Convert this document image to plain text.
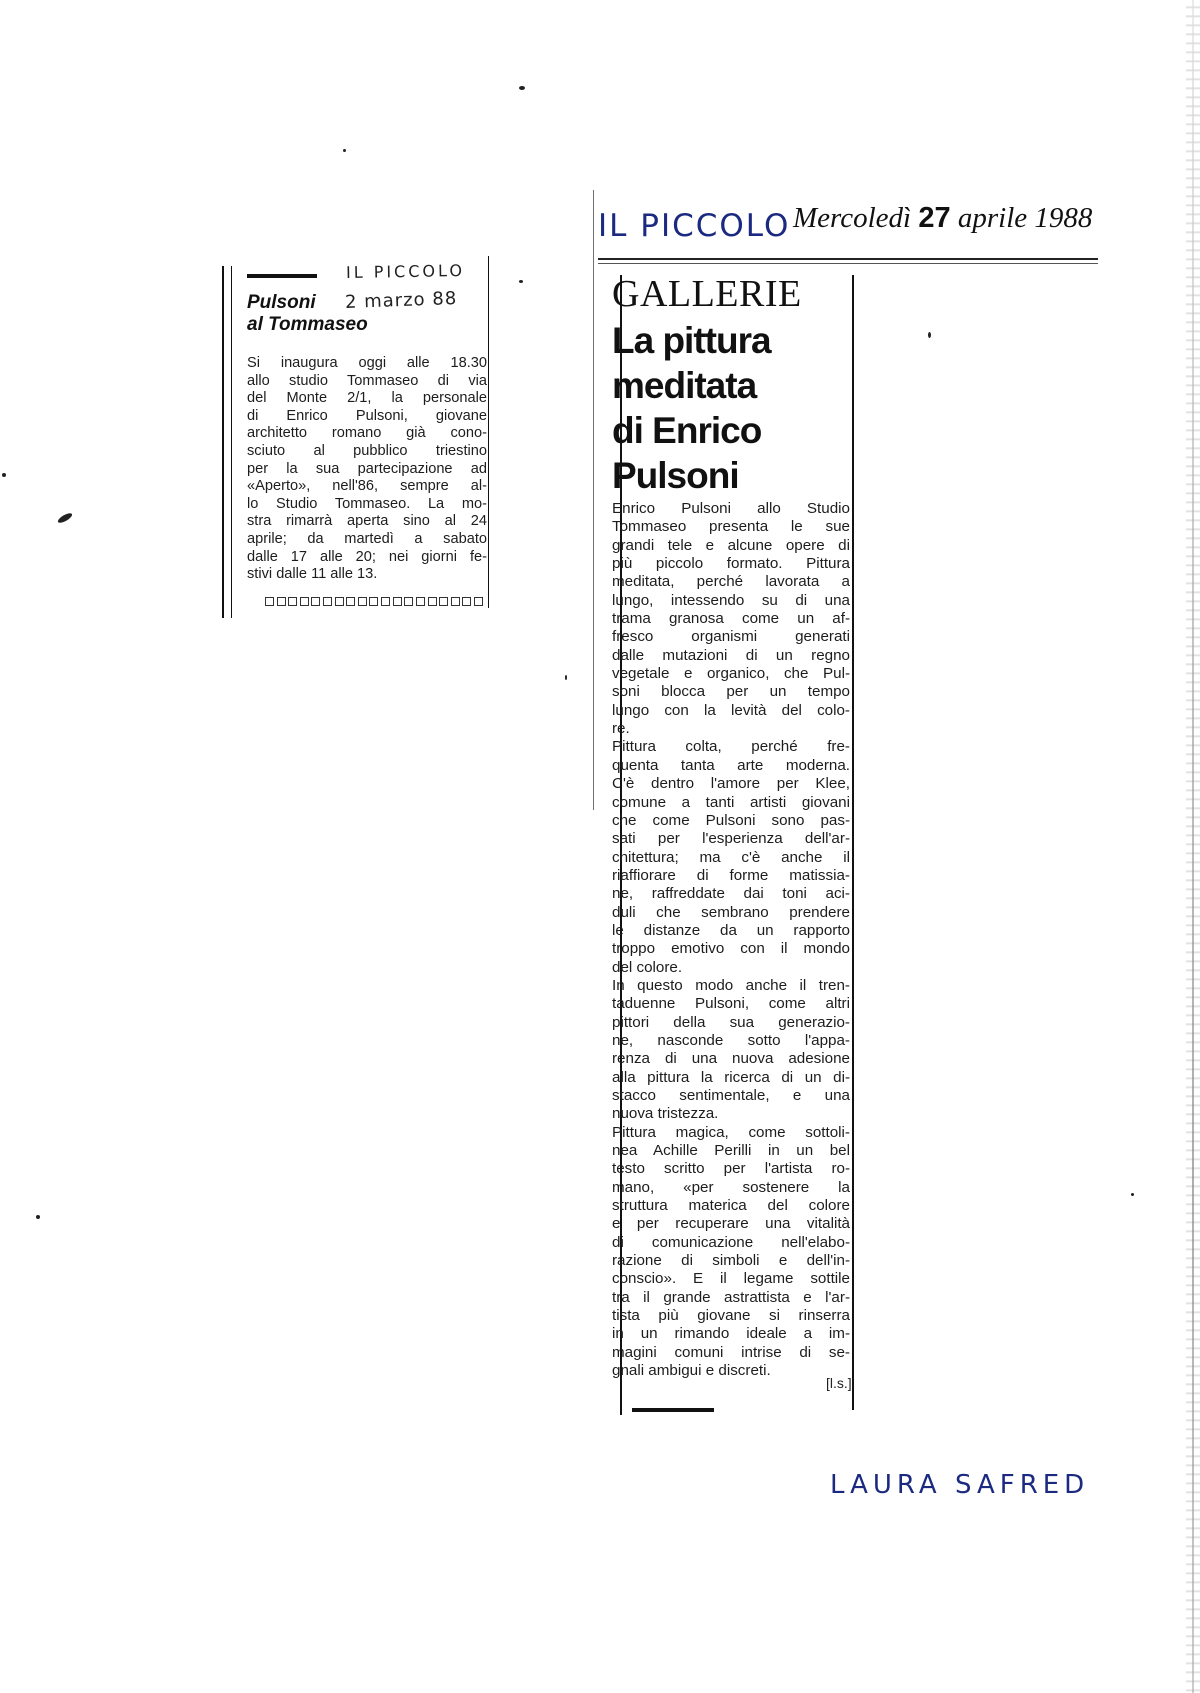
IL PICCOLO
2 marzo 88
Pulsoni
al Tommaseo
Si inaugura oggi alle 18.30
allo studio Tommaseo di via
del Monte 2/1, la personale
di Enrico Pulsoni, giovane
architetto romano già cono-
sciuto al pubblico triestino
per la sua partecipazione ad
«Aperto», nell'86, sempre al-
lo Studio Tommaseo. La mo-
stra rimarrà aperta sino al 24
aprile; da martedì a sabato
dalle 17 alle 20; nei giorni fe-
stivi dalle 11 alle 13.
IL PICCOLO Mercoledì 27 aprile 1988
GALLERIE
La pittura
meditata
di Enrico
Pulsoni
Enrico Pulsoni allo Studio
Tommaseo presenta le sue
grandi tele e alcune opere di
più piccolo formato. Pittura
meditata, perché lavorata a
lungo, intessendo su di una
trama granosa come un af-
fresco organismi generati
dalle mutazioni di un regno
vegetale e organico, che Pul-
soni blocca per un tempo
lungo con la levità del colo-
re.
Pittura colta, perché fre-
quenta tanta arte moderna.
C'è dentro l'amore per Klee,
comune a tanti artisti giovani
che come Pulsoni sono pas-
sati per l'esperienza dell'ar-
chitettura; ma c'è anche il
riaffiorare di forme matissia-
ne, raffreddate dai toni aci-
duli che sembrano prendere
le distanze da un rapporto
troppo emotivo con il mondo
del colore.
In questo modo anche il tren-
taduenne Pulsoni, come altri
pittori della sua generazio-
ne, nasconde sotto l'appa-
renza di una nuova adesione
alla pittura la ricerca di un di-
stacco sentimentale, e una
nuova tristezza.
Pittura magica, come sottoli-
nea Achille Perilli in un bel
testo scritto per l'artista ro-
mano, «per sostenere la
struttura materica del colore
e per recuperare una vitalità
di comunicazione nell'elabo-
razione di simboli e dell'in-
conscio». E il legame sottile
tra il grande astrattista e l'ar-
tista più giovane si rinserra
in un rimando ideale a im-
magini comuni intrise di se-
gnali ambigui e discreti.
[l.s.]
LAURA SAFRED
